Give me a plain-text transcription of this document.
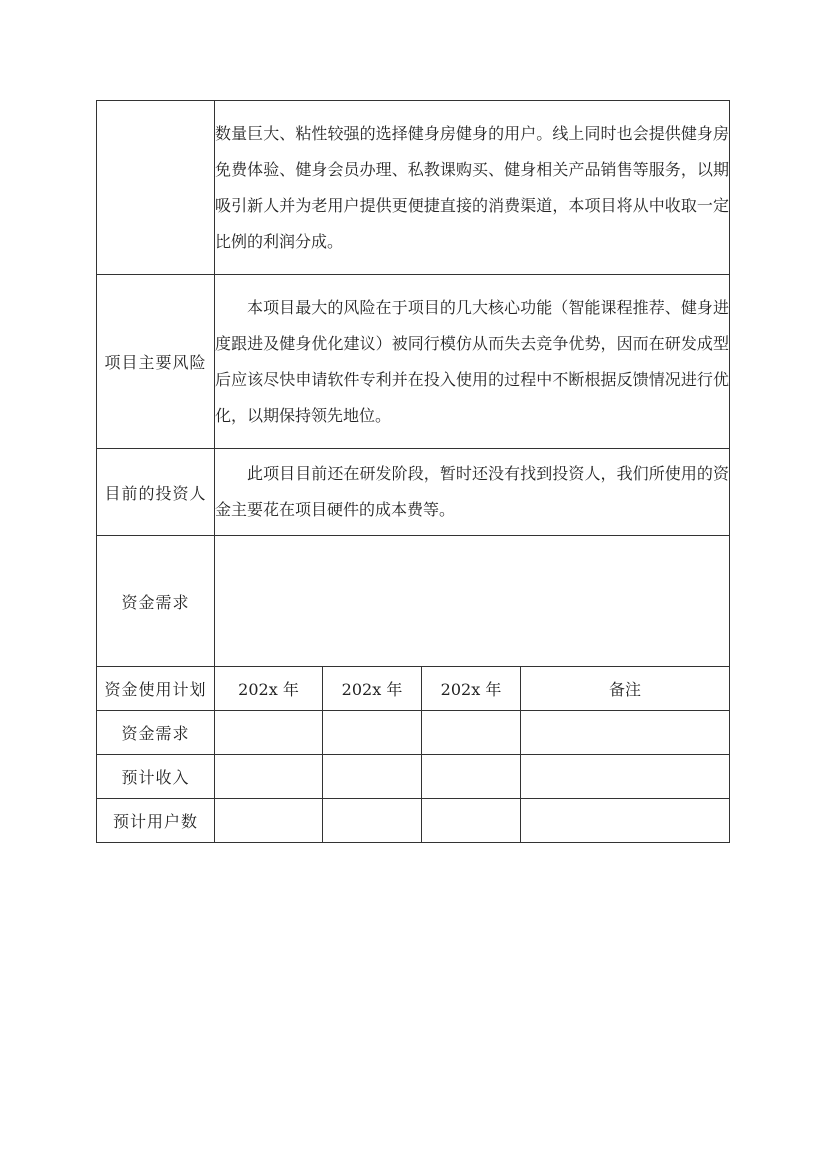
	数量巨大、粘性较强的选择健身房健身的用户。线上同时也会提供健身房免费体验、健身会员办理、私教课购买、健身相关产品销售等服务，以期吸引新人并为老用户提供更便捷直接的消费渠道，本项目将从中收取一定比例的利润分成。			

项目主要风险	本项目最大的风险在于项目的几大核心功能（智能课程推荐、健身进度跟进及健身优化建议）被同行模仿从而失去竞争优势，因而在研发成型后应该尽快申请软件专利并在投入使用的过程中不断根据反馈情况进行优化，以期保持领先地位。			

目前的投资人	此项目目前还在研发阶段，暂时还没有找到投资人，我们所使用的资金主要花在项目硬件的成本费等。			

资金需求				
资金使用计划	202x 年	202x 年	202x 年	备注
资金需求				
预计收入				
预计用户数				
